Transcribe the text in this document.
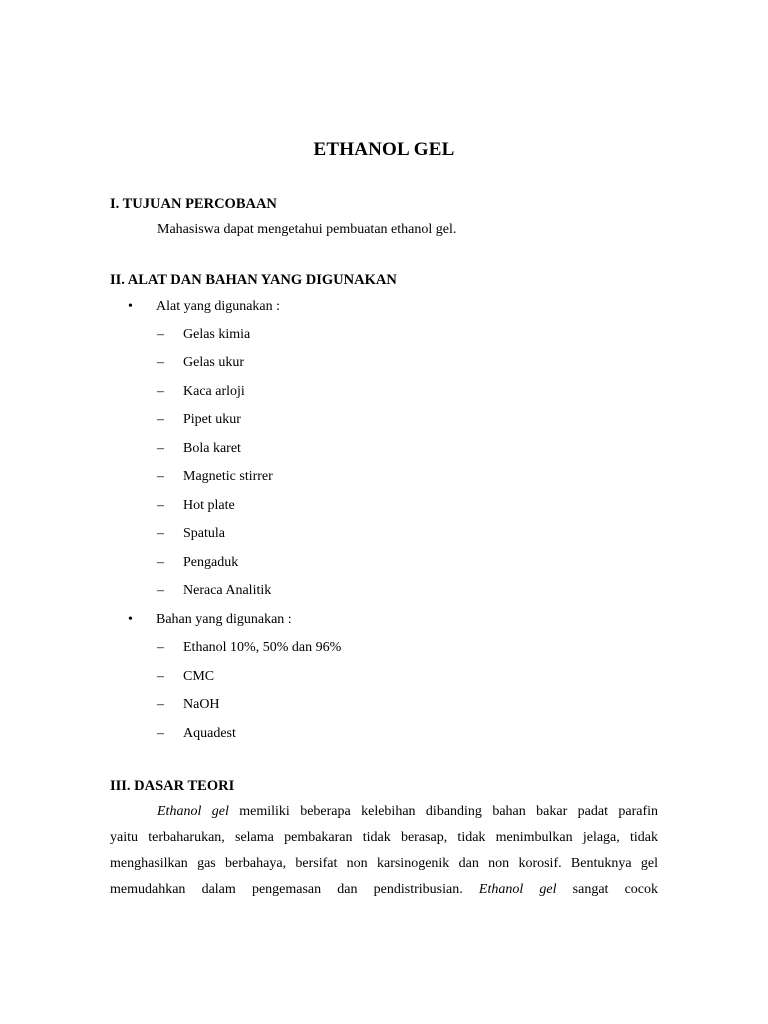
ETHANOL GEL
I. TUJUAN PERCOBAAN
Mahasiswa dapat mengetahui pembuatan ethanol gel.
II. ALAT DAN BAHAN YANG DIGUNAKAN
• Alat yang digunakan :
– Gelas kimia
– Gelas ukur
– Kaca arloji
– Pipet ukur
– Bola karet
– Magnetic stirrer
– Hot plate
– Spatula
– Pengaduk
– Neraca Analitik
• Bahan yang digunakan :
– Ethanol 10%, 50% dan 96%
– CMC
– NaOH
– Aquadest
III. DASAR TEORI
Ethanol gel memiliki beberapa kelebihan dibanding bahan bakar padat parafin
yaitu terbaharukan, selama pembakaran tidak berasap, tidak menimbulkan jelaga, tidak
menghasilkan gas berbahaya, bersifat non karsinogenik dan non korosif. Bentuknya gel
memudahkan dalam pengemasan dan pendistribusian. Ethanol gel sangat cocok
